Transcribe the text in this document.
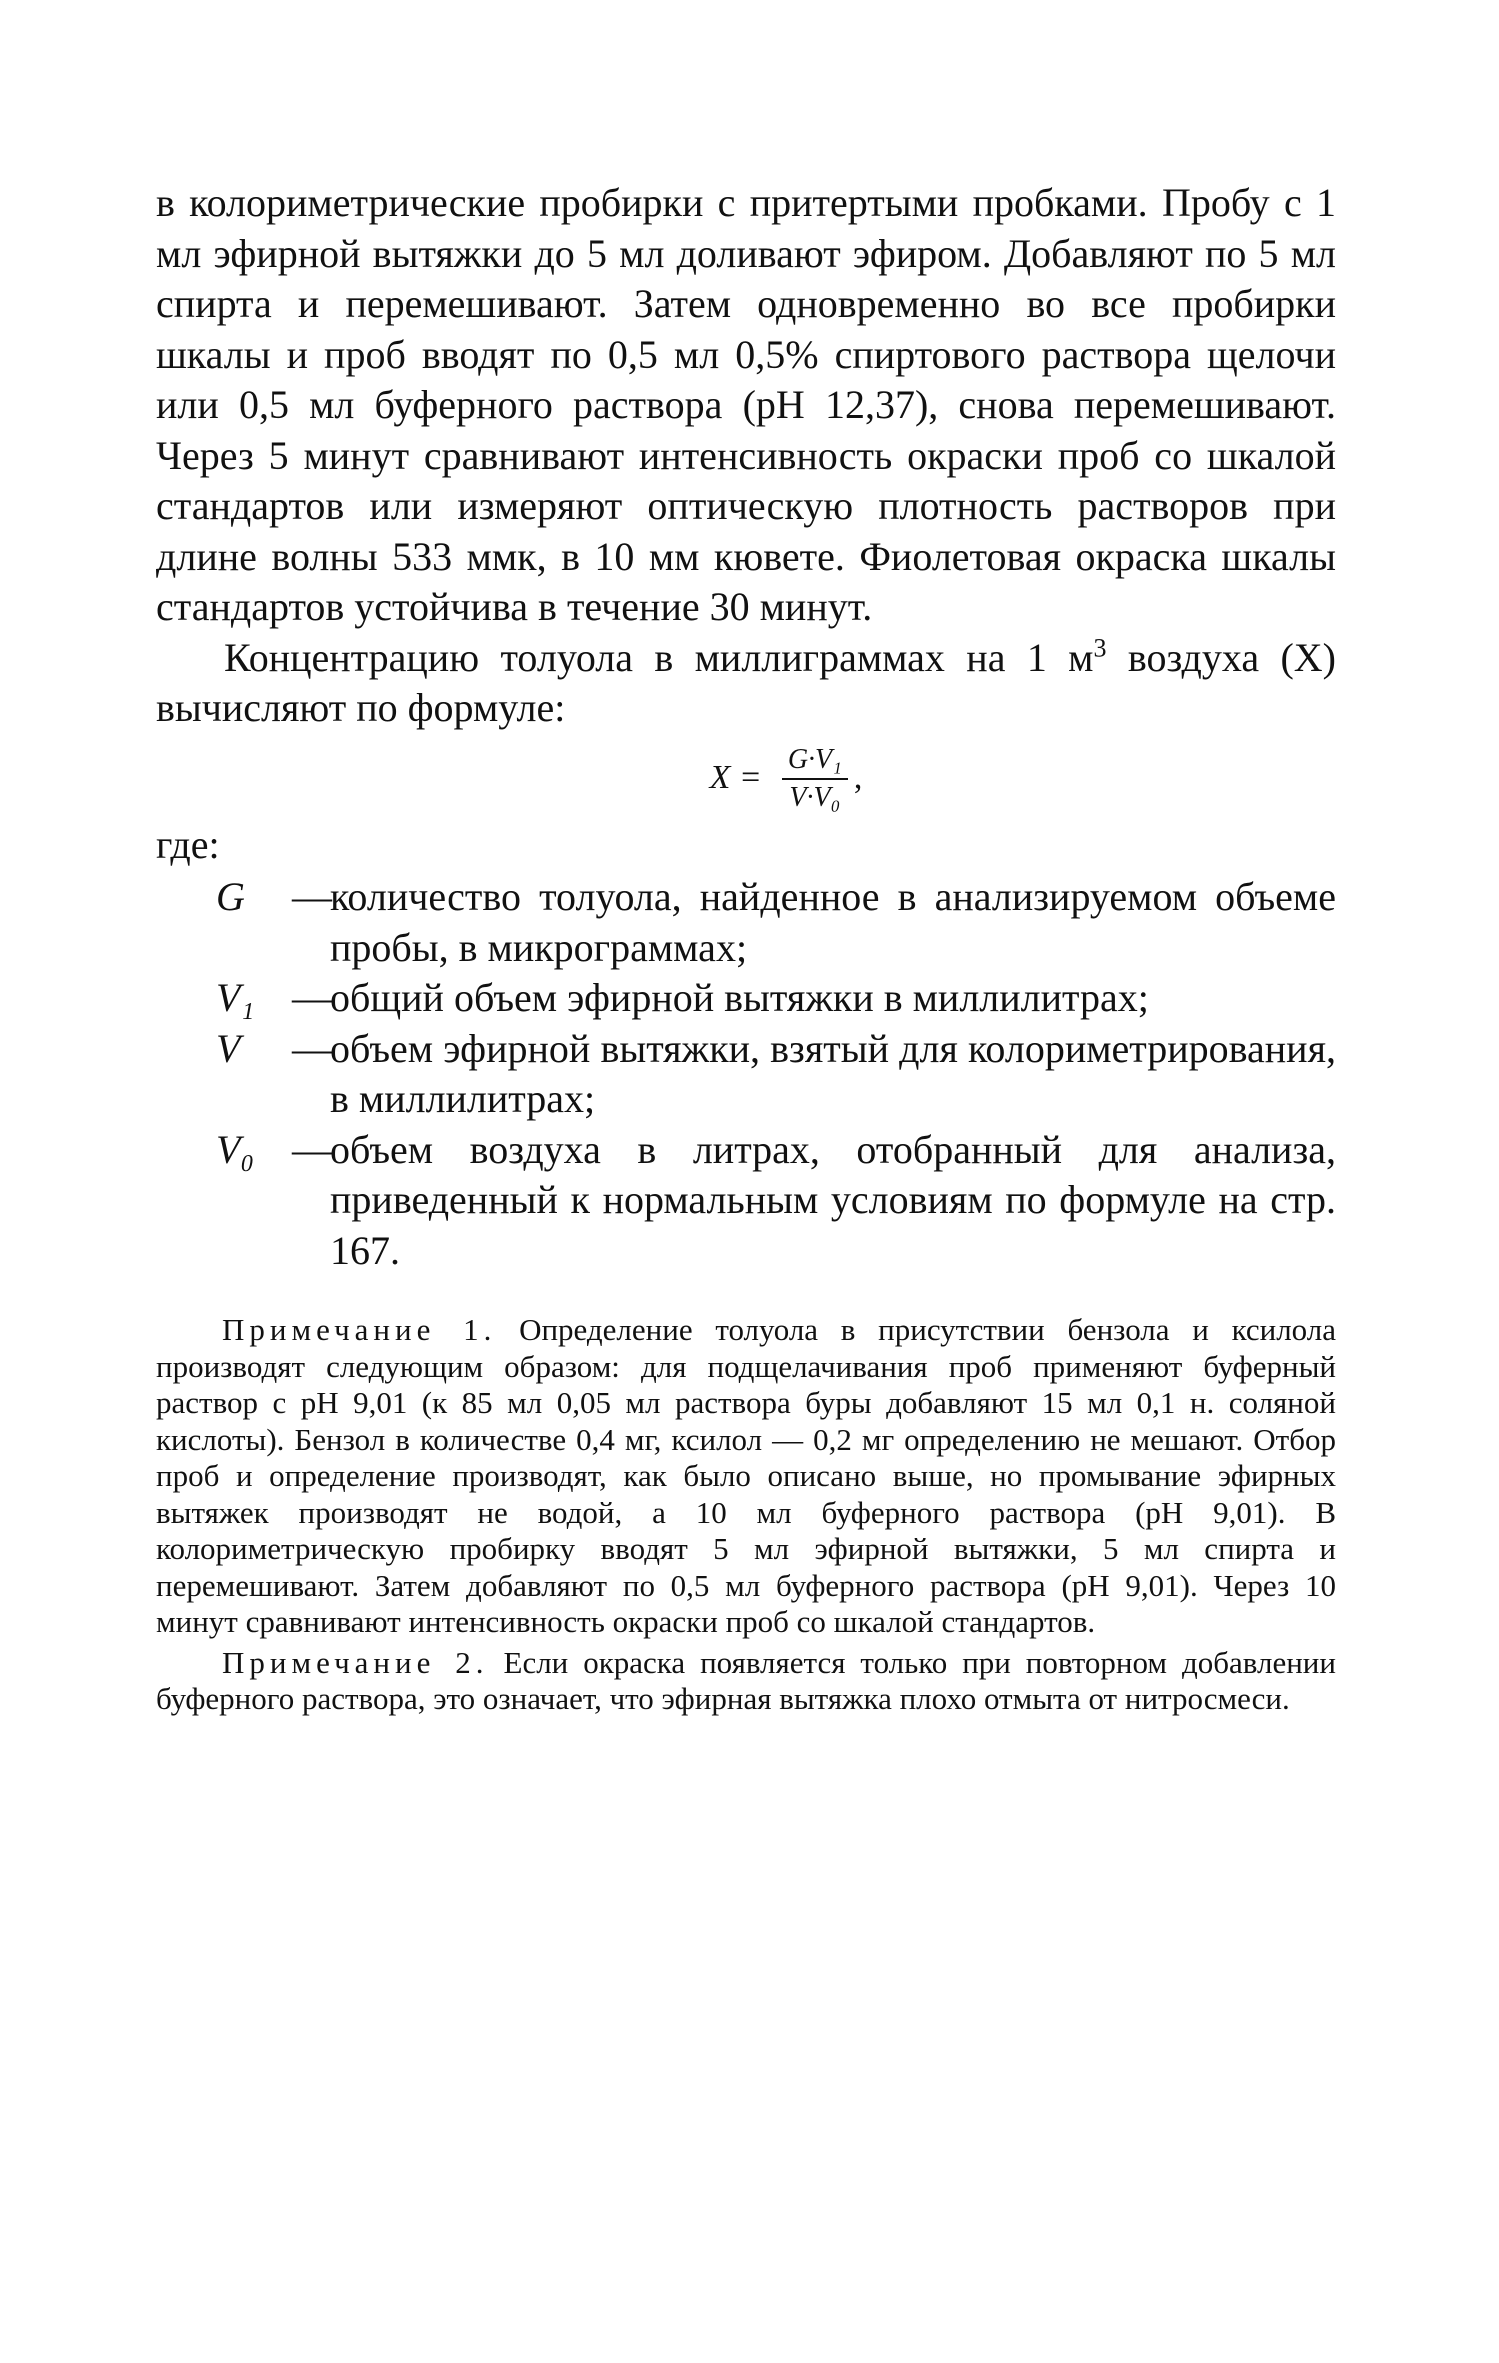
в колориметрические пробирки с притертыми пробками. Пробу с 1 мл эфирной вытяжки до 5 мл доливают эфиром. Добавляют по 5 мл спирта и перемешивают. Затем одновременно во все пробирки шкалы и проб вводят по 0,5 мл 0,5% спиртового раствора щелочи или 0,5 мл буферного раствора (рН 12,37), снова перемешивают. Через 5 минут сравнивают интенсивность окраски проб со шкалой стандартов или измеряют оптическую плотность растворов при длине волны 533 ммк, в 10 мм кювете. Фиолетовая окраска шкалы стандартов устойчива в течение 30 минут.

Концентрацию толуола в миллиграммах на 1 $м^3$ воздуха (X) вычисляют по формуле:

$X = \frac{\text{G·V₁}}{\text{V·V₀}}$ ,

где:

G	—
количество толуола, найденное в анализируемом объеме пробы, в микрограммах;
V₁ —
общий объем эфирной вытяжки в миллилитрах;
V	—
объем эфирной вытяжки, взятый для колориметрирования, в миллилитрах;
V₀ —
объем воздуха в литрах, отобранный для анализа, приведенный к нормальным условиям по формуле на стр. 167.

Примечание 1. Определение толуола в присутствии бензола и ксилола производят следующим образом: для подщелачивания проб применяют буферный раствор с рН 9,01 (к 85 мл 0,05 мл раствора буры добавляют 15 мл 0,1 н. соляной кислоты). Бензол в количестве 0,4 мг, ксилол — 0,2 мг определению не мешают. Отбор проб и определение производят, как было описано выше, но промывание эфирных вытяжек производят не водой, а 10 мл буферного раствора (рН 9,01). В колориметрическую пробирку вводят 5 мл эфирной вытяжки, 5 мл спирта и перемешивают. Затем добавляют по 0,5 мл буферного раствора (рН 9,01). Через 10 минут сравнивают интенсивность окраски проб со шкалой стандартов.

Примечание 2. Если окраска появляется только при повторном добавлении буферного раствора, это означает, что эфирная вытяжка плохо отмыта от нитросмеси.
